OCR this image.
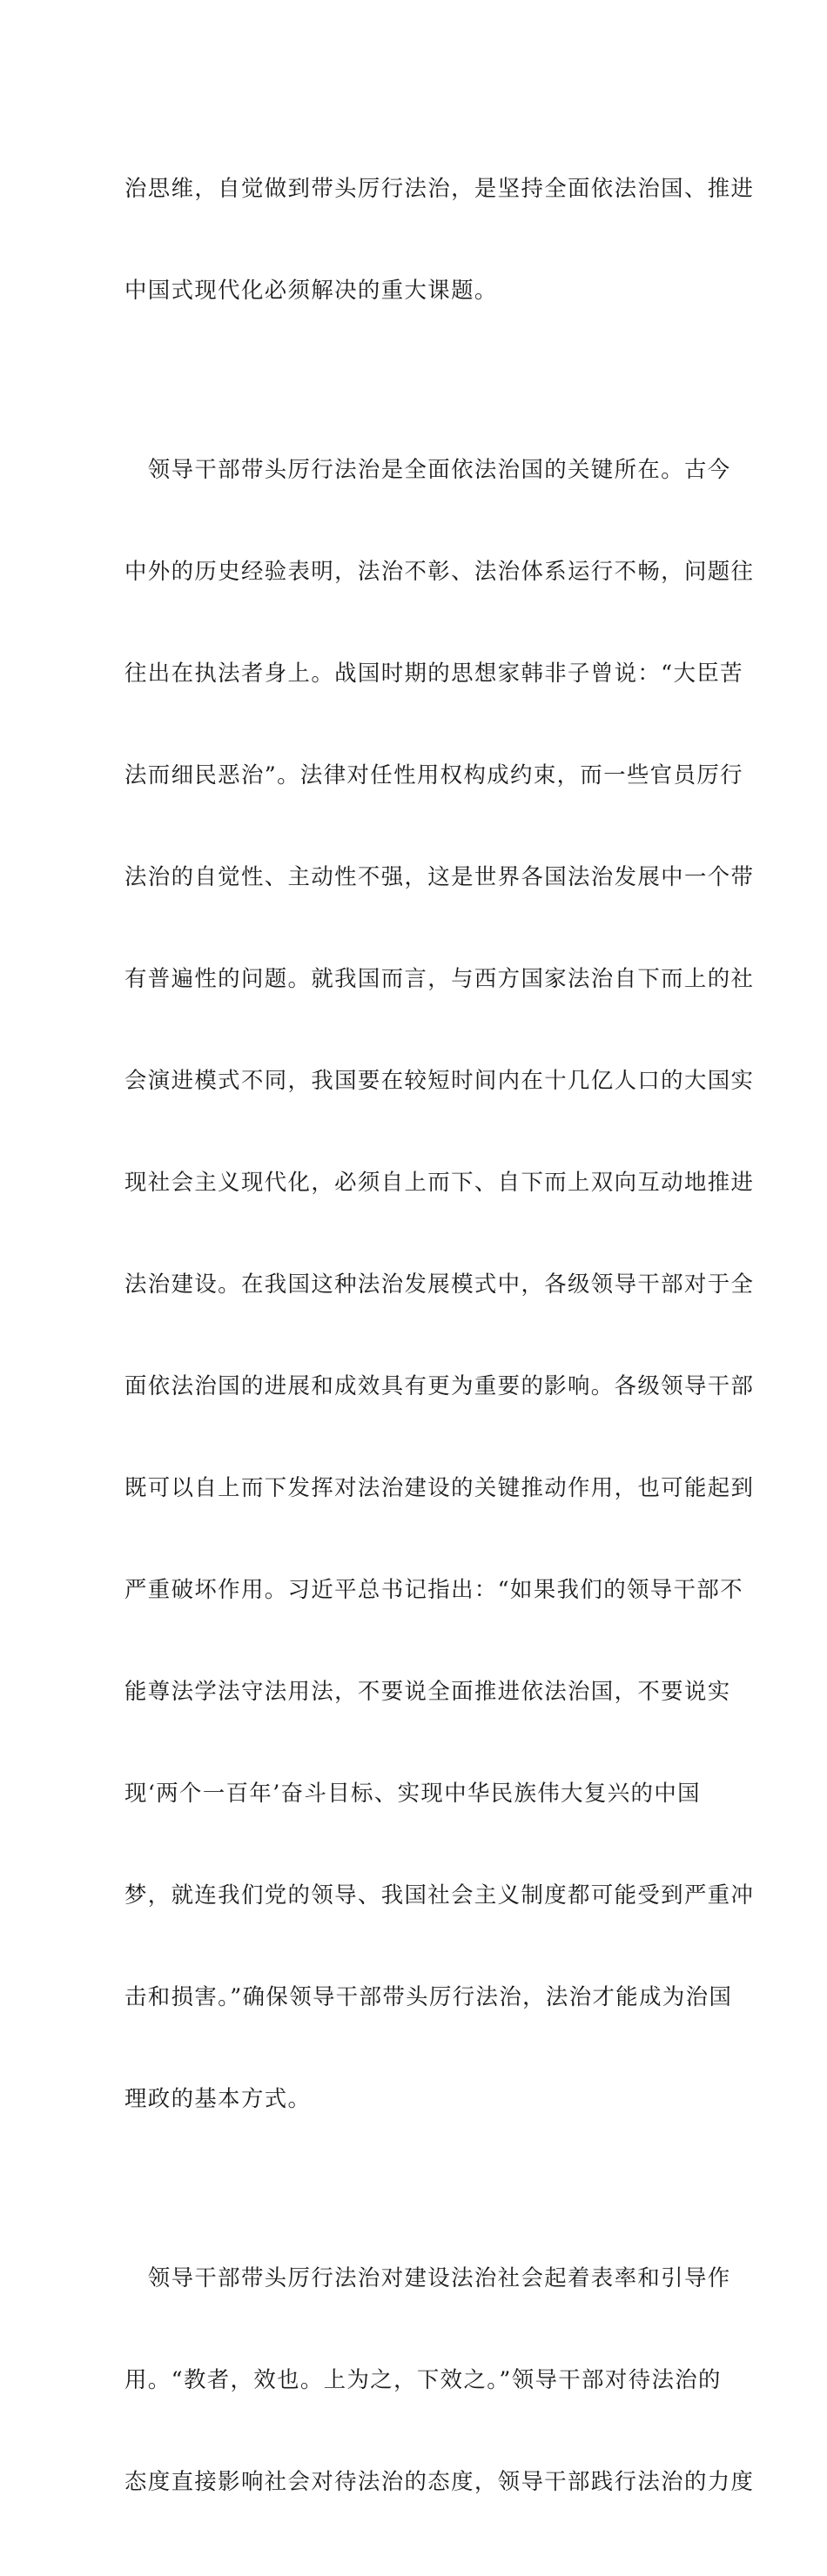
治思维，自觉做到带头厉行法治，是坚持全面依法治国、推进

中国式现代化必须解决的重大课题。

　领导干部带头厉行法治是全面依法治国的关键所在。古今

中外的历史经验表明，法治不彰、法治体系运行不畅，问题往

往出在执法者身上。战国时期的思想家韩非子曾说：“大臣苦

法而细民恶治”。法律对任性用权构成约束，而一些官员厉行

法治的自觉性、主动性不强，这是世界各国法治发展中一个带

有普遍性的问题。就我国而言，与西方国家法治自下而上的社

会演进模式不同，我国要在较短时间内在十几亿人口的大国实

现社会主义现代化，必须自上而下、自下而上双向互动地推进

法治建设。在我国这种法治发展模式中，各级领导干部对于全

面依法治国的进展和成效具有更为重要的影响。各级领导干部

既可以自上而下发挥对法治建设的关键推动作用，也可能起到

严重破坏作用。习近平总书记指出：“如果我们的领导干部不

能尊法学法守法用法，不要说全面推进依法治国，不要说实

现‘两个一百年’奋斗目标、实现中华民族伟大复兴的中国

梦，就连我们党的领导、我国社会主义制度都可能受到严重冲

击和损害。”确保领导干部带头厉行法治，法治才能成为治国

理政的基本方式。

　领导干部带头厉行法治对建设法治社会起着表率和引导作

用。“教者，效也。上为之，下效之。”领导干部对待法治的

态度直接影响社会对待法治的态度，领导干部践行法治的力度
